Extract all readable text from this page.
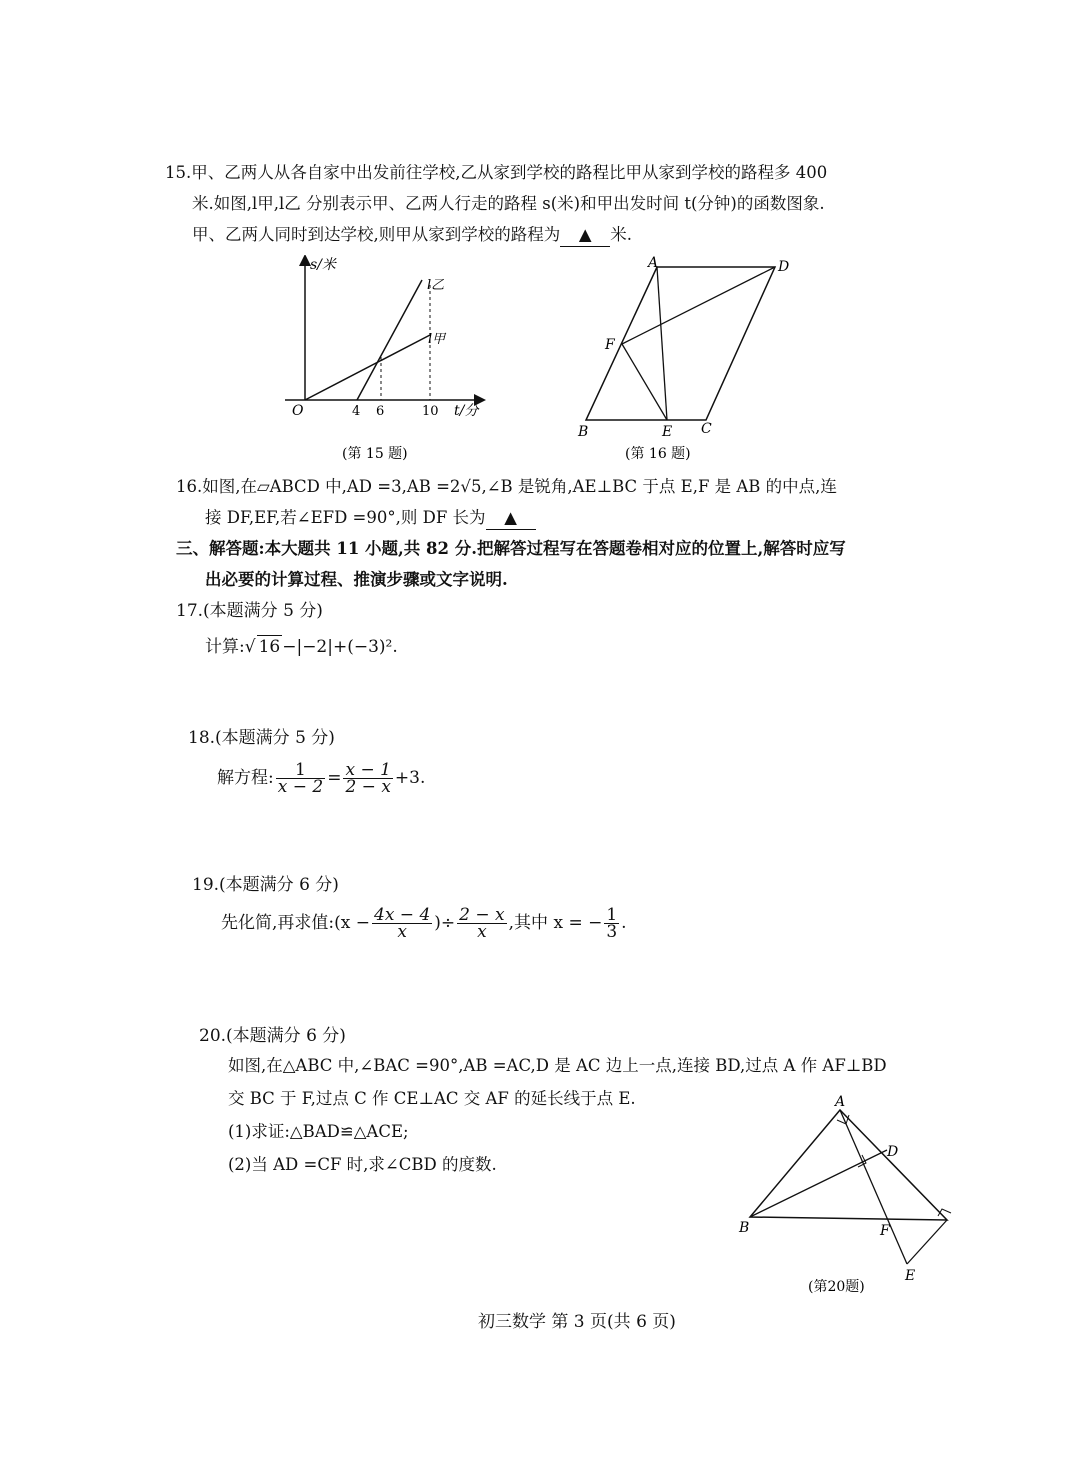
15.甲、乙两人从各自家中出发前往学校,乙从家到学校的路程比甲从家到学校的路程多 400
米.如图,l甲,l乙 分别表示甲、乙两人行走的路程 s(米)和甲出发时间 t(分钟)的函数图象.
甲、乙两人同时到达学校,则甲从家到学校的路程为 ▲ 米.
s/米
O	4 6	10 t/分
l乙
l甲
(第 15 题)
A	D
F
B	E C
(第 16 题)
16.如图,在▱ABCD 中,AD =3,AB =2√5,∠B 是锐角,AE⊥BC 于点 E,F 是 AB 的中点,连
接 DF,EF,若∠EFD =90°,则 DF 长为 ▲
三、解答题:本大题共 11 小题,共 82 分.把解答过程写在答题卷相对应的位置上,解答时应写
出必要的计算过程、推演步骤或文字说明.
17.(本题满分 5 分)
计算:√ 16 −|−2|+(−3)².
18.(本题满分 5 分)
解方程: $\frac{1}{x - 2} = \frac{x - 1}{2 - x} +3$.
19.(本题满分 6 分)
先化简,再求值:(x − $\frac{4x - 4}{x}$ )÷ $\frac{2 - x}{x}$ ,其中 x = − $\frac{1}{3}$ .
20.(本题满分 6 分)
如图,在△ABC 中,∠BAC =90°,AB =AC,D 是 AC 边上一点,连接 BD,过点 A 作 AF⊥BD
交 BC 于 F,过点 C 作 CE⊥AC 交 AF 的延长线于点 E.
(1)求证:△BAD≌△ACE;
(2)当 AD =CF 时,求∠CBD 的度数.
A
D
B	F
E
(第20题)
初三数学 第 3 页(共 6 页)
